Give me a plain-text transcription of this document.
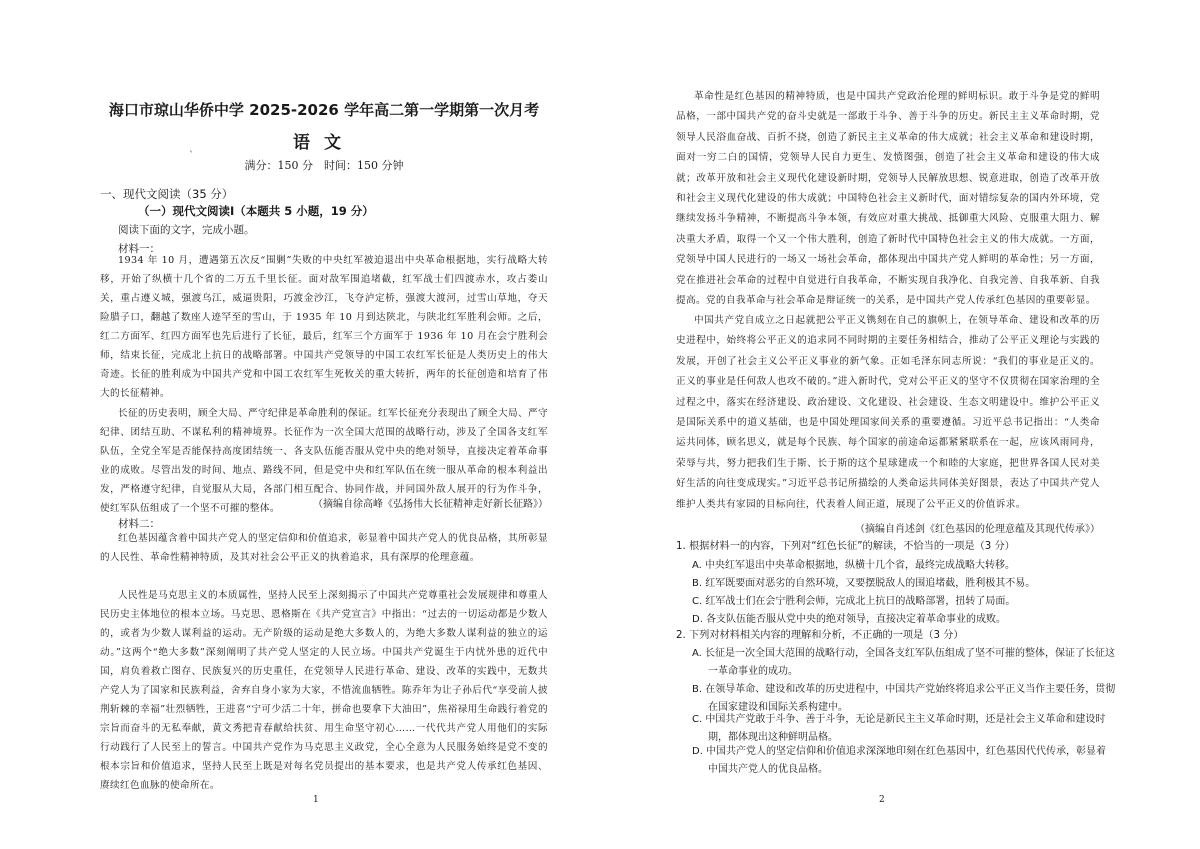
海口市琼山华侨中学 2025-2026 学年高二第一学期第一次月考
语文
`
满分：150 分　时间：150 分钟
一、现代文阅读（35 分）
（一）现代文阅读Ⅰ（本题共 5 小题，19 分）
阅读下面的文字，完成小题。
材料一：

1934 年 10 月，遭遇第五次反“围剿”失败的中央红军被迫退出中央革命根据地，实行战略大转移，开始了纵横十几个省的二万五千里长征。面对敌军围追堵截，红军战士们四渡赤水，攻占娄山关，重占遵义城，强渡乌江，威逼贵阳，巧渡金沙江，飞夺泸定桥，强渡大渡河，过雪山草地，夺天险腊子口，翻越了数座人迹罕至的雪山，于 1935 年 10 月到达陕北，与陕北红军胜利会师。之后，红二方面军、红四方面军也先后进行了长征，最后，红军三个方面军于 1936 年 10 月在会宁胜利会师，结束长征，完成北上抗日的战略部署。中国共产党领导的中国工农红军长征是人类历史上的伟大奇迹。长征的胜利成为中国共产党和中国工农红军生死攸关的重大转折，两年的长征创造和培育了伟大的长征精神。

长征的历史表明，顾全大局、严守纪律是革命胜利的保证。红军长征充分表现出了顾全大局、严守纪律、团结互助、不谋私利的精神境界。长征作为一次全国大范围的战略行动，涉及了全国各支红军队伍，全党全军是否能保持高度团结统一、各支队伍能否服从党中央的绝对领导，直接决定着革命事业的成败。尽管出发的时间、地点、路线不同，但是党中央和红军队伍在统一服从革命的根本利益出发，严格遵守纪律，自觉服从大局，各部门相互配合、协同作战，并同国外敌人展开的行为作斗争，使红军队伍组成了一个坚不可摧的整体。	（摘编自徐高峰《弘扬伟大长征精神走好新长征路》）
材料二：

红色基因蕴含着中国共产党人的坚定信仰和价值追求，彰显着中国共产党人的优良品格，其所彰显的人民性、革命性精神特质，及其对社会公平正义的执着追求，具有深厚的伦理意蕴。

人民性是马克思主义的本质属性，坚持人民至上深刻揭示了中国共产党尊重社会发展规律和尊重人民历史主体地位的根本立场。马克思、恩格斯在《共产党宣言》中指出：“过去的一切运动都是少数人的，或者为少数人谋利益的运动。无产阶级的运动是绝大多数人的，为绝大多数人谋利益的独立的运动。”这两个“绝大多数”深刻阐明了共产党人坚定的人民立场。中国共产党诞生于内忧外患的近代中国，肩负着救亡图存、民族复兴的历史重任，在党领导人民进行革命、建设、改革的实践中，无数共产党人为了国家和民族利益，舍弃自身小家为大家，不惜流血牺牲。陈乔年为让子孙后代“享受前人披荆斩棘的幸福”壮烈牺牲，王进喜“宁可少活二十年，拼命也要拿下大油田”，焦裕禄用生命践行着党的宗旨而奋斗的无私奉献，黄文秀把青春献给扶贫、用生命坚守初心……一代代共产党人用他们的实际行动践行了人民至上的誓言。中国共产党作为马克思主义政党，全心全意为人民服务始终是党不变的根本宗旨和价值追求，坚持人民至上既是对每名党员提出的基本要求，也是共产党人传承红色基因、赓续红色血脉的使命所在。

1

革命性是红色基因的精神特质，也是中国共产党政治伦理的鲜明标识。敢于斗争是党的鲜明品格，一部中国共产党的奋斗史就是一部敢于斗争、善于斗争的历史。新民主主义革命时期，党领导人民浴血奋战、百折不挠，创造了新民主主义革命的伟大成就；社会主义革命和建设时期，面对一穷二白的国情，党领导人民自力更生、发愤图强，创造了社会主义革命和建设的伟大成就；改革开放和社会主义现代化建设新时期，党领导人民解放思想、锐意进取，创造了改革开放和社会主义现代化建设的伟大成就；中国特色社会主义新时代，面对错综复杂的国内外环境，党继续发扬斗争精神，不断提高斗争本领，有效应对重大挑战、抵御重大风险、克服重大阻力、解决重大矛盾，取得一个又一个伟大胜利，创造了新时代中国特色社会主义的伟大成就。一方面，党领导中国人民进行的一场又一场社会革命，都体现出中国共产党人鲜明的革命性；另一方面，党在推进社会革命的过程中自觉进行自我革命，不断实现自我净化、自我完善、自我革新、自我提高。党的自我革命与社会革命是辩证统一的关系，是中国共产党人传承红色基因的重要彰显。

中国共产党自成立之日起就把公平正义镌刻在自己的旗帜上，在领导革命、建设和改革的历史进程中，始终将公平正义的追求同不同时期的主要任务相结合，推动了公平正义理论与实践的发展，开创了社会主义公平正义事业的新气象。正如毛泽东同志所说：“我们的事业是正义的。正义的事业是任何敌人也攻不破的。”进入新时代，党对公平正义的坚守不仅贯彻在国家治理的全过程之中，落实在经济建设、政治建设、文化建设、社会建设、生态文明建设中。维护公平正义是国际关系中的道义基础，也是中国处理国家间关系的重要遵循。习近平总书记指出：“人类命运共同体，顾名思义，就是每个民族、每个国家的前途命运都紧紧联系在一起，应该风雨同舟，荣辱与共，努力把我们生于斯、长于斯的这个星球建成一个和睦的大家庭，把世界各国人民对美好生活的向往变成现实。”习近平总书记所描绘的人类命运共同体美好图景，表达了中国共产党人维护人类共有家园的目标向往，代表着人间正道，展现了公平正义的价值诉求。

（摘编自肖述剑《红色基因的伦理意蕴及其现代传承》）
1. 根据材料一的内容，下列对“红色长征”的解读，不恰当的一项是（3 分）
A. 中央红军退出中央革命根据地，纵横十几个省，最终完成战略大转移。
B. 红军既要面对恶劣的自然环境，又要摆脱敌人的围追堵截，胜利极其不易。
C. 红军战士们在会宁胜利会师，完成北上抗日的战略部署，扭转了局面。
D. 各支队伍能否服从党中央的绝对领导，直接决定着革命事业的成败。
2. 下列对材料相关内容的理解和分析，不正确的一项是（3 分）
A. 长征是一次全国大范围的战略行动，全国各支红军队伍组成了坚不可摧的整体，保证了长征这一革命事业的成功。
B. 在领导革命、建设和改革的历史进程中，中国共产党始终将追求公平正义当作主要任务，贯彻在国家建设和国际关系构建中。
C. 中国共产党敢于斗争、善于斗争，无论是新民主主义革命时期，还是社会主义革命和建设时期，都体现出这种鲜明品格。
D. 中国共产党人的坚定信仰和价值追求深深地印刻在红色基因中，红色基因代代传承，彰显着中国共产党人的优良品格。
2
